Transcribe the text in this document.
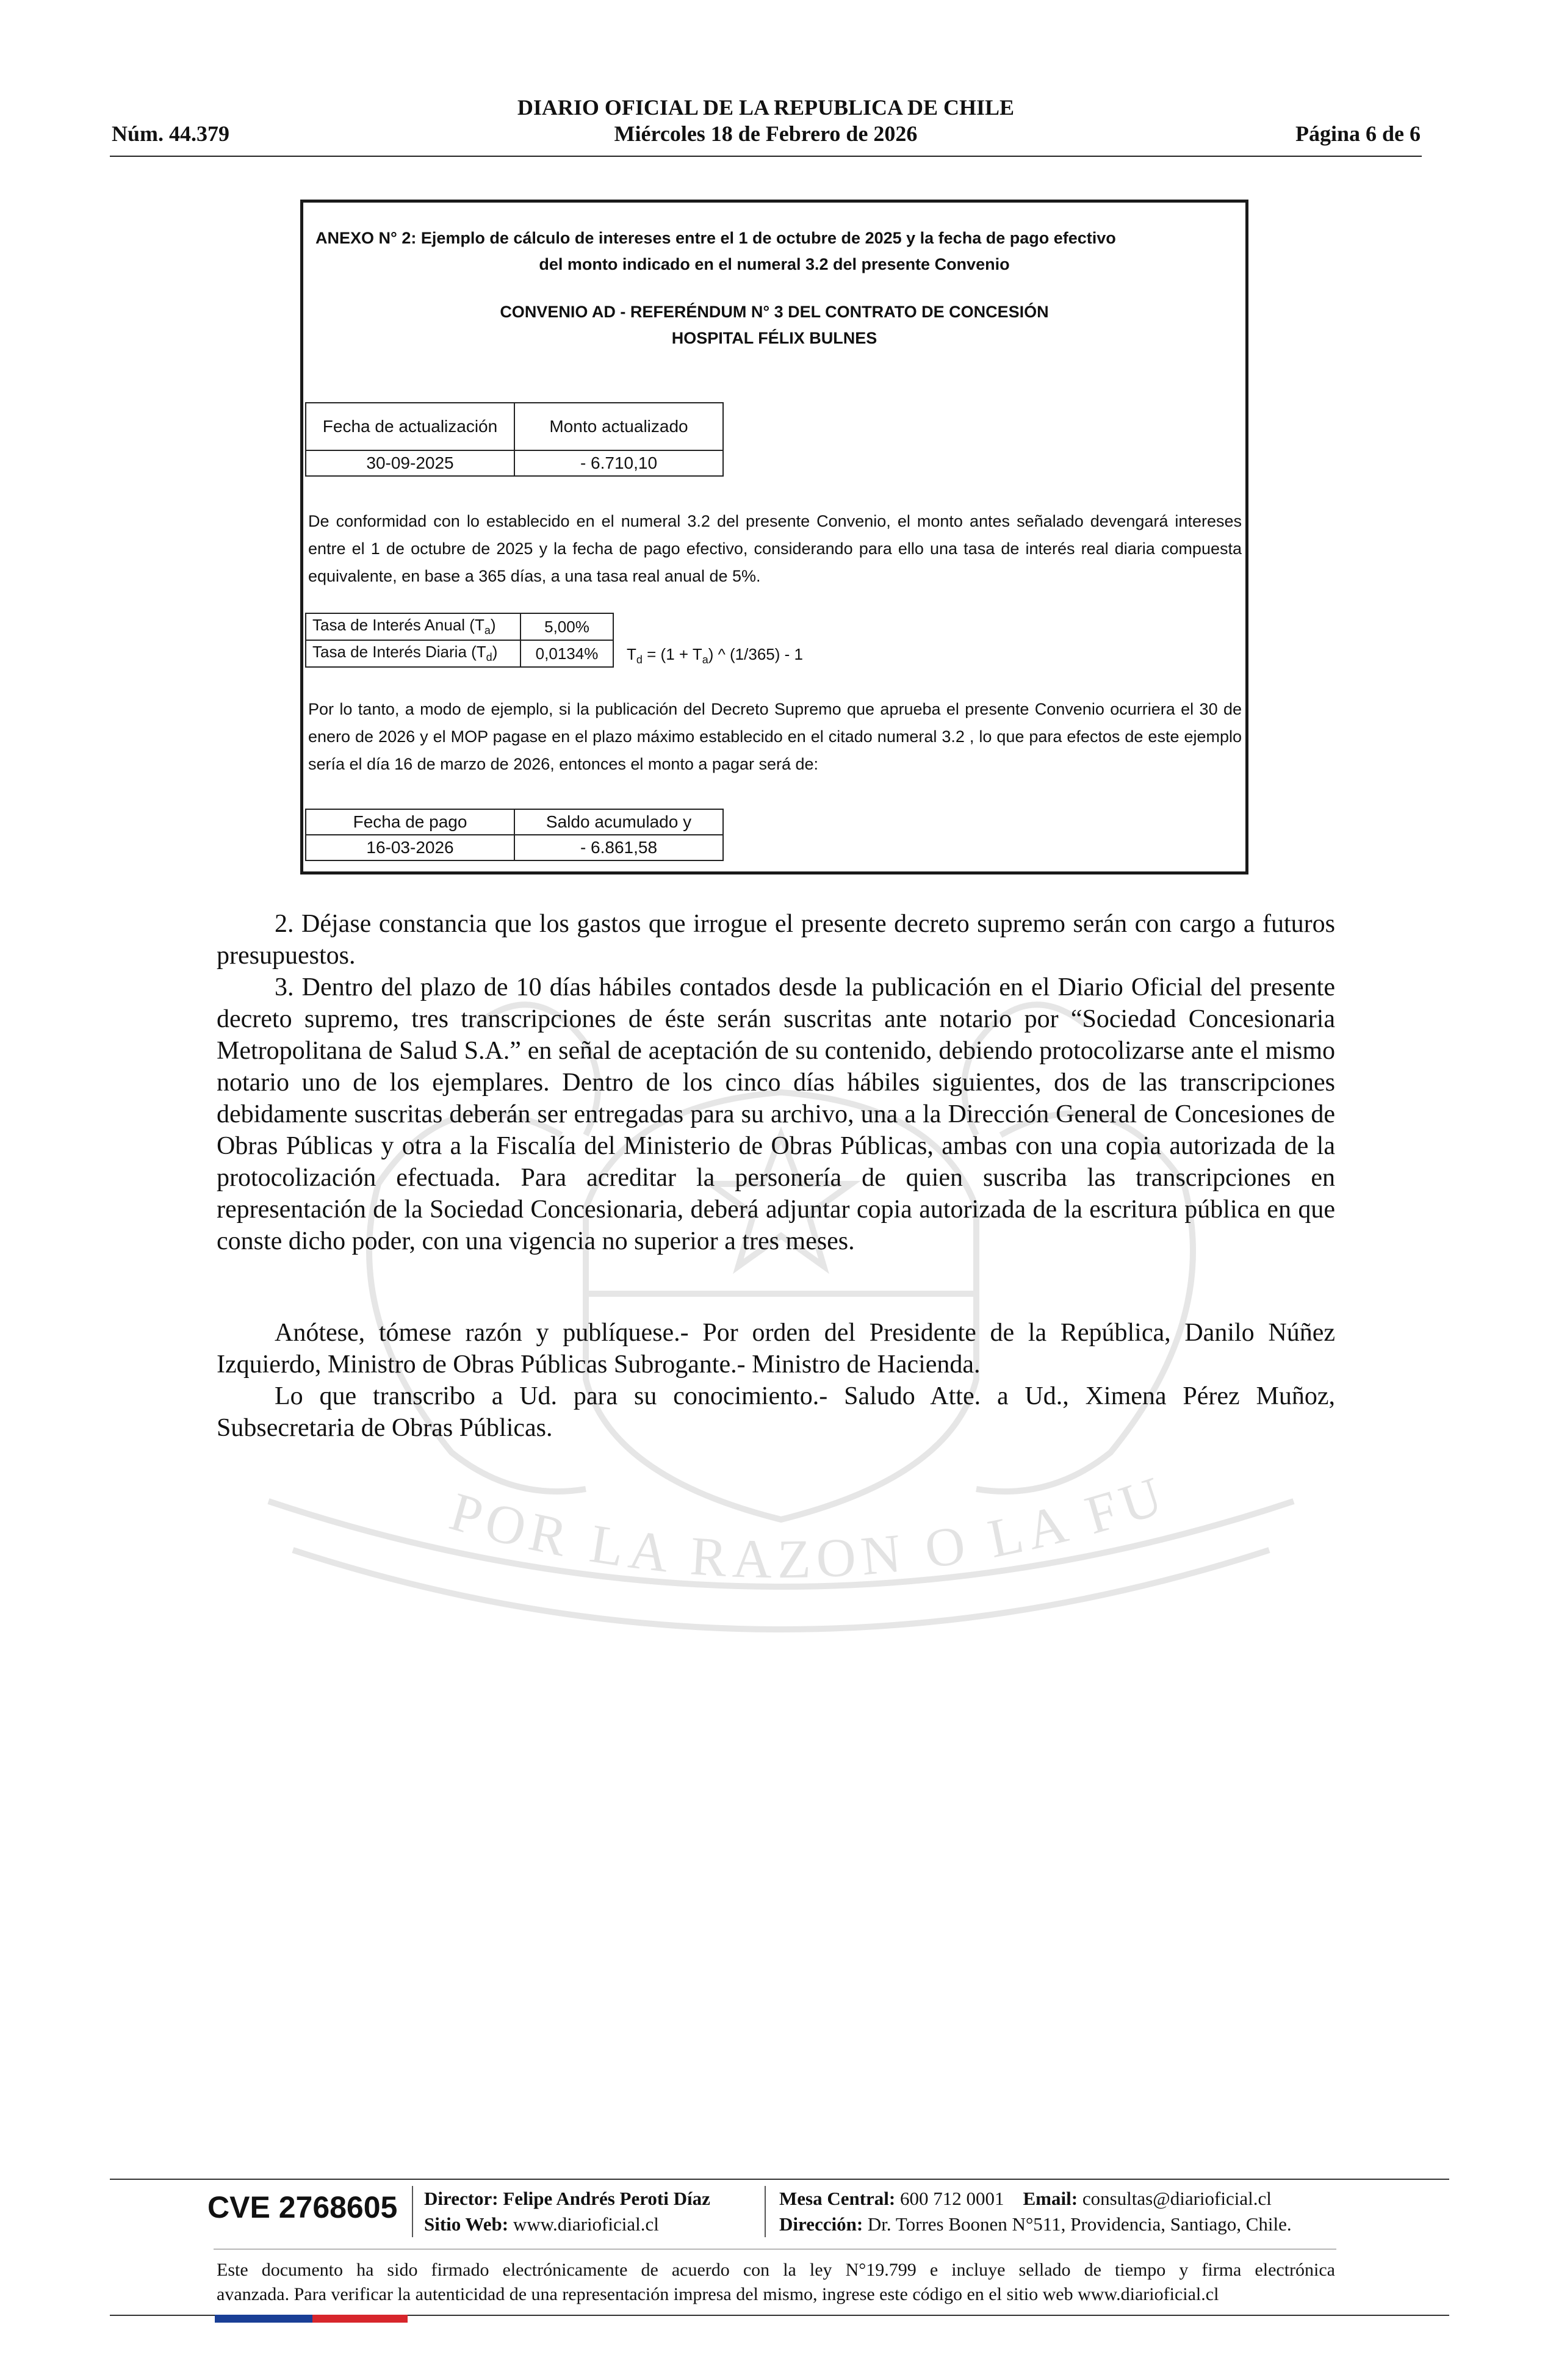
POR LA RAZON O LA FU
Núm. 44.379
DIARIO OFICIAL DE LA REPUBLICA DE CHILE
Miércoles 18 de Febrero de 2026	Página 6 de 6
ANEXO N° 2: Ejemplo de cálculo de intereses entre el 1 de octubre de 2025 y la fecha de pago efectivo
del monto indicado en el numeral 3.2 del presente Convenio
CONVENIO AD - REFERÉNDUM N° 3 DEL CONTRATO DE CONCESIÓN
HOSPITAL FÉLIX BULNES
Fecha de actualización	Monto actualizado
30-09-2025	- 6.710,10
De conformidad con lo establecido en el numeral 3.2 del presente Convenio, el monto antes señalado devengará intereses entre el 1 de octubre de 2025 y la fecha de pago efectivo, considerando para ello una tasa de interés real diaria compuesta equivalente, en base a 365 días, a una tasa real anual de 5%.
Tasa de Interés Anual $(T_a)$	5,00%
Tasa de Interés Diaria $(T_d)$	0,0134% $T_d = (1 + T_a)$ ^ (1/365) - 1
Por lo tanto, a modo de ejemplo, si la publicación del Decreto Supremo que aprueba el presente Convenio ocurriera el 30 de enero de 2026 y el MOP pagase en el plazo máximo establecido en el citado numeral 3.2 , lo que para efectos de este ejemplo sería el día 16 de marzo de 2026, entonces el monto a pagar será de:
Fecha de pago	Saldo acumulado y
16-03-2026	- 6.861,58
2. Déjase constancia que los gastos que irrogue el presente decreto supremo serán con cargo a futuros presupuestos.
3. Dentro del plazo de 10 días hábiles contados desde la publicación en el Diario Oficial del presente decreto supremo, tres transcripciones de éste serán suscritas ante notario por “Sociedad Concesionaria Metropolitana de Salud S.A.” en señal de aceptación de su contenido, debiendo protocolizarse ante el mismo notario uno de los ejemplares. Dentro de los cinco días hábiles siguientes, dos de las transcripciones debidamente suscritas deberán ser entregadas para su archivo, una a la Dirección General de Concesiones de Obras Públicas y otra a la Fiscalía del Ministerio de Obras Públicas, ambas con una copia autorizada de la protocolización efectuada. Para acreditar la personería de quien suscriba las transcripciones en representación de la Sociedad Concesionaria, deberá adjuntar copia autorizada de la escritura pública en que conste dicho poder, con una vigencia no superior a tres meses.
Anótese, tómese razón y publíquese.- Por orden del Presidente de la República, Danilo Núñez Izquierdo, Ministro de Obras Públicas Subrogante.- Ministro de Hacienda.
Lo que transcribo a Ud. para su conocimiento.- Saludo Atte. a Ud., Ximena Pérez Muñoz, Subsecretaria de Obras Públicas.
CVE 2768605 Director: Felipe Andrés Peroti Díaz
Sitio Web: www.diarioficial.cl
Mesa Central: 600 712 0001 Email: consultas@diarioficial.cl
Dirección: Dr. Torres Boonen N°511, Providencia, Santiago, Chile.
Este documento ha sido firmado electrónicamente de acuerdo con la ley N°19.799 e incluye sellado de tiempo y firma electrónica
avanzada. Para verificar la autenticidad de una representación impresa del mismo, ingrese este código en el sitio web www.diarioficial.cl
